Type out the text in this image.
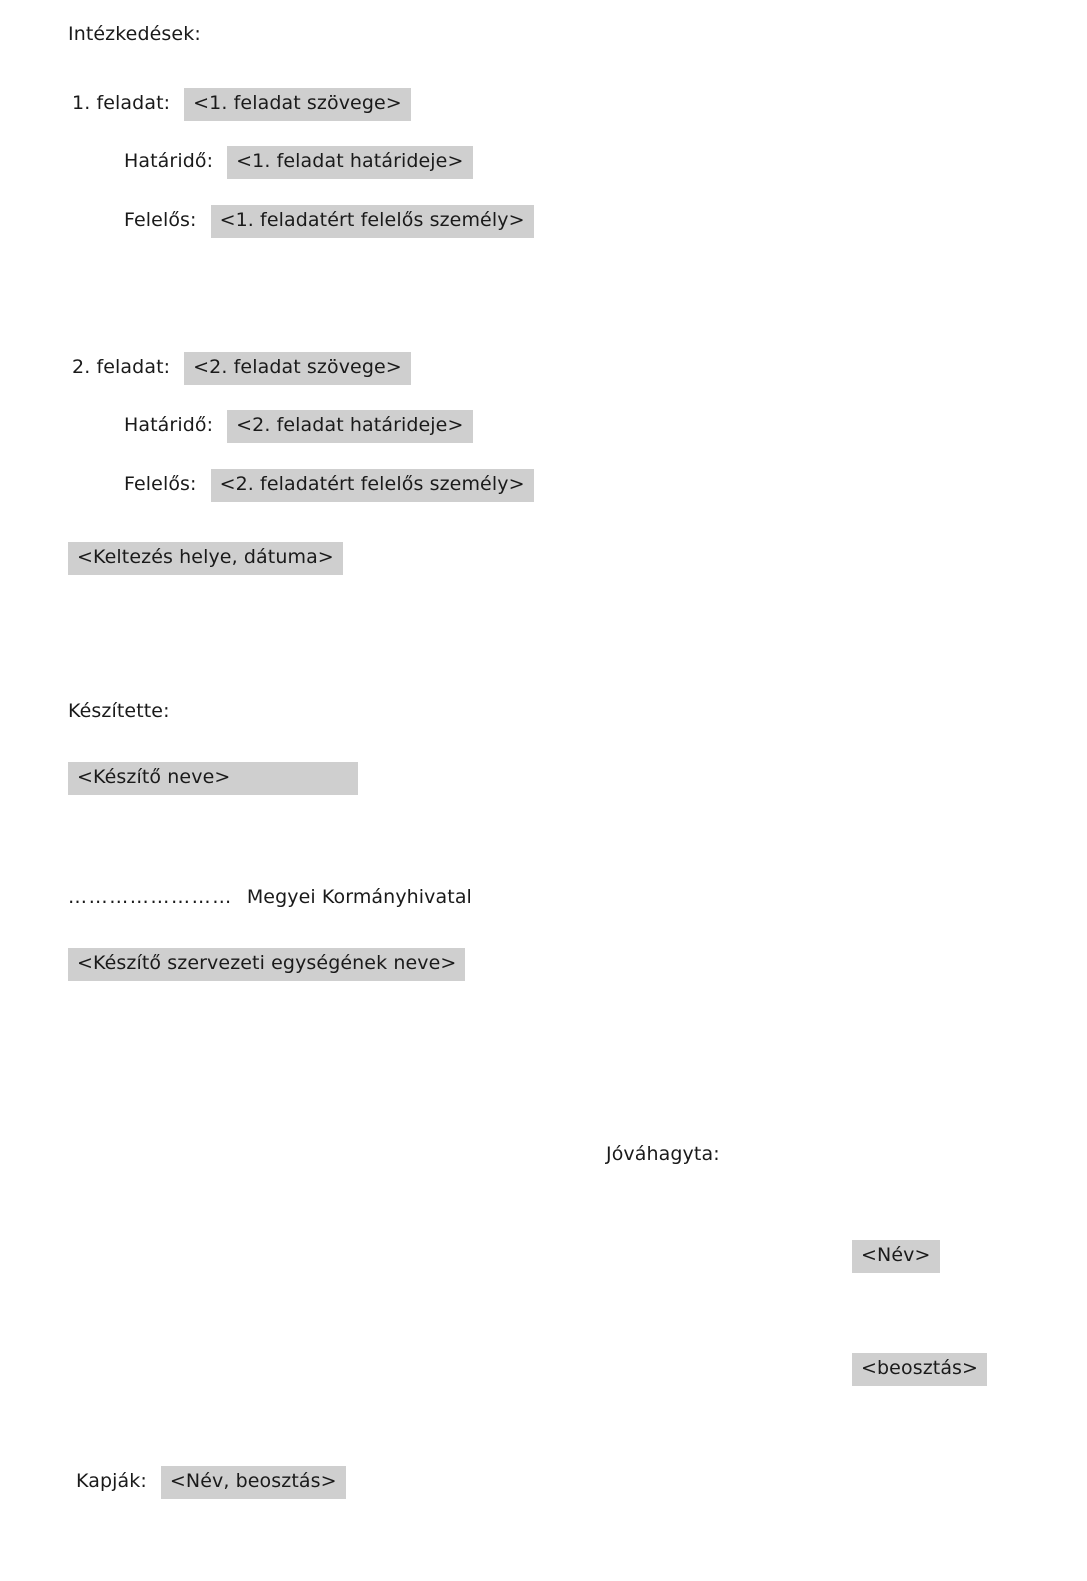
Intézkedések:
1. feladat:	<1. feladat szövege>
Határidő:	<1. feladat határideje>
Felelős:	<1. feladatért felelős személy>
2. feladat:	<2. feladat szövege>
Határidő:	<2. feladat határideje>
Felelős:	<2. feladatért felelős személy>
<Keltezés helye, dátuma>
Készítette:
<Készítő neve>
…………………… Megyei Kormányhivatal
<Készítő szervezeti egységének neve>
Jóváhagyta:
<Név>
<beosztás>
Kapják:	<Név, beosztás>
